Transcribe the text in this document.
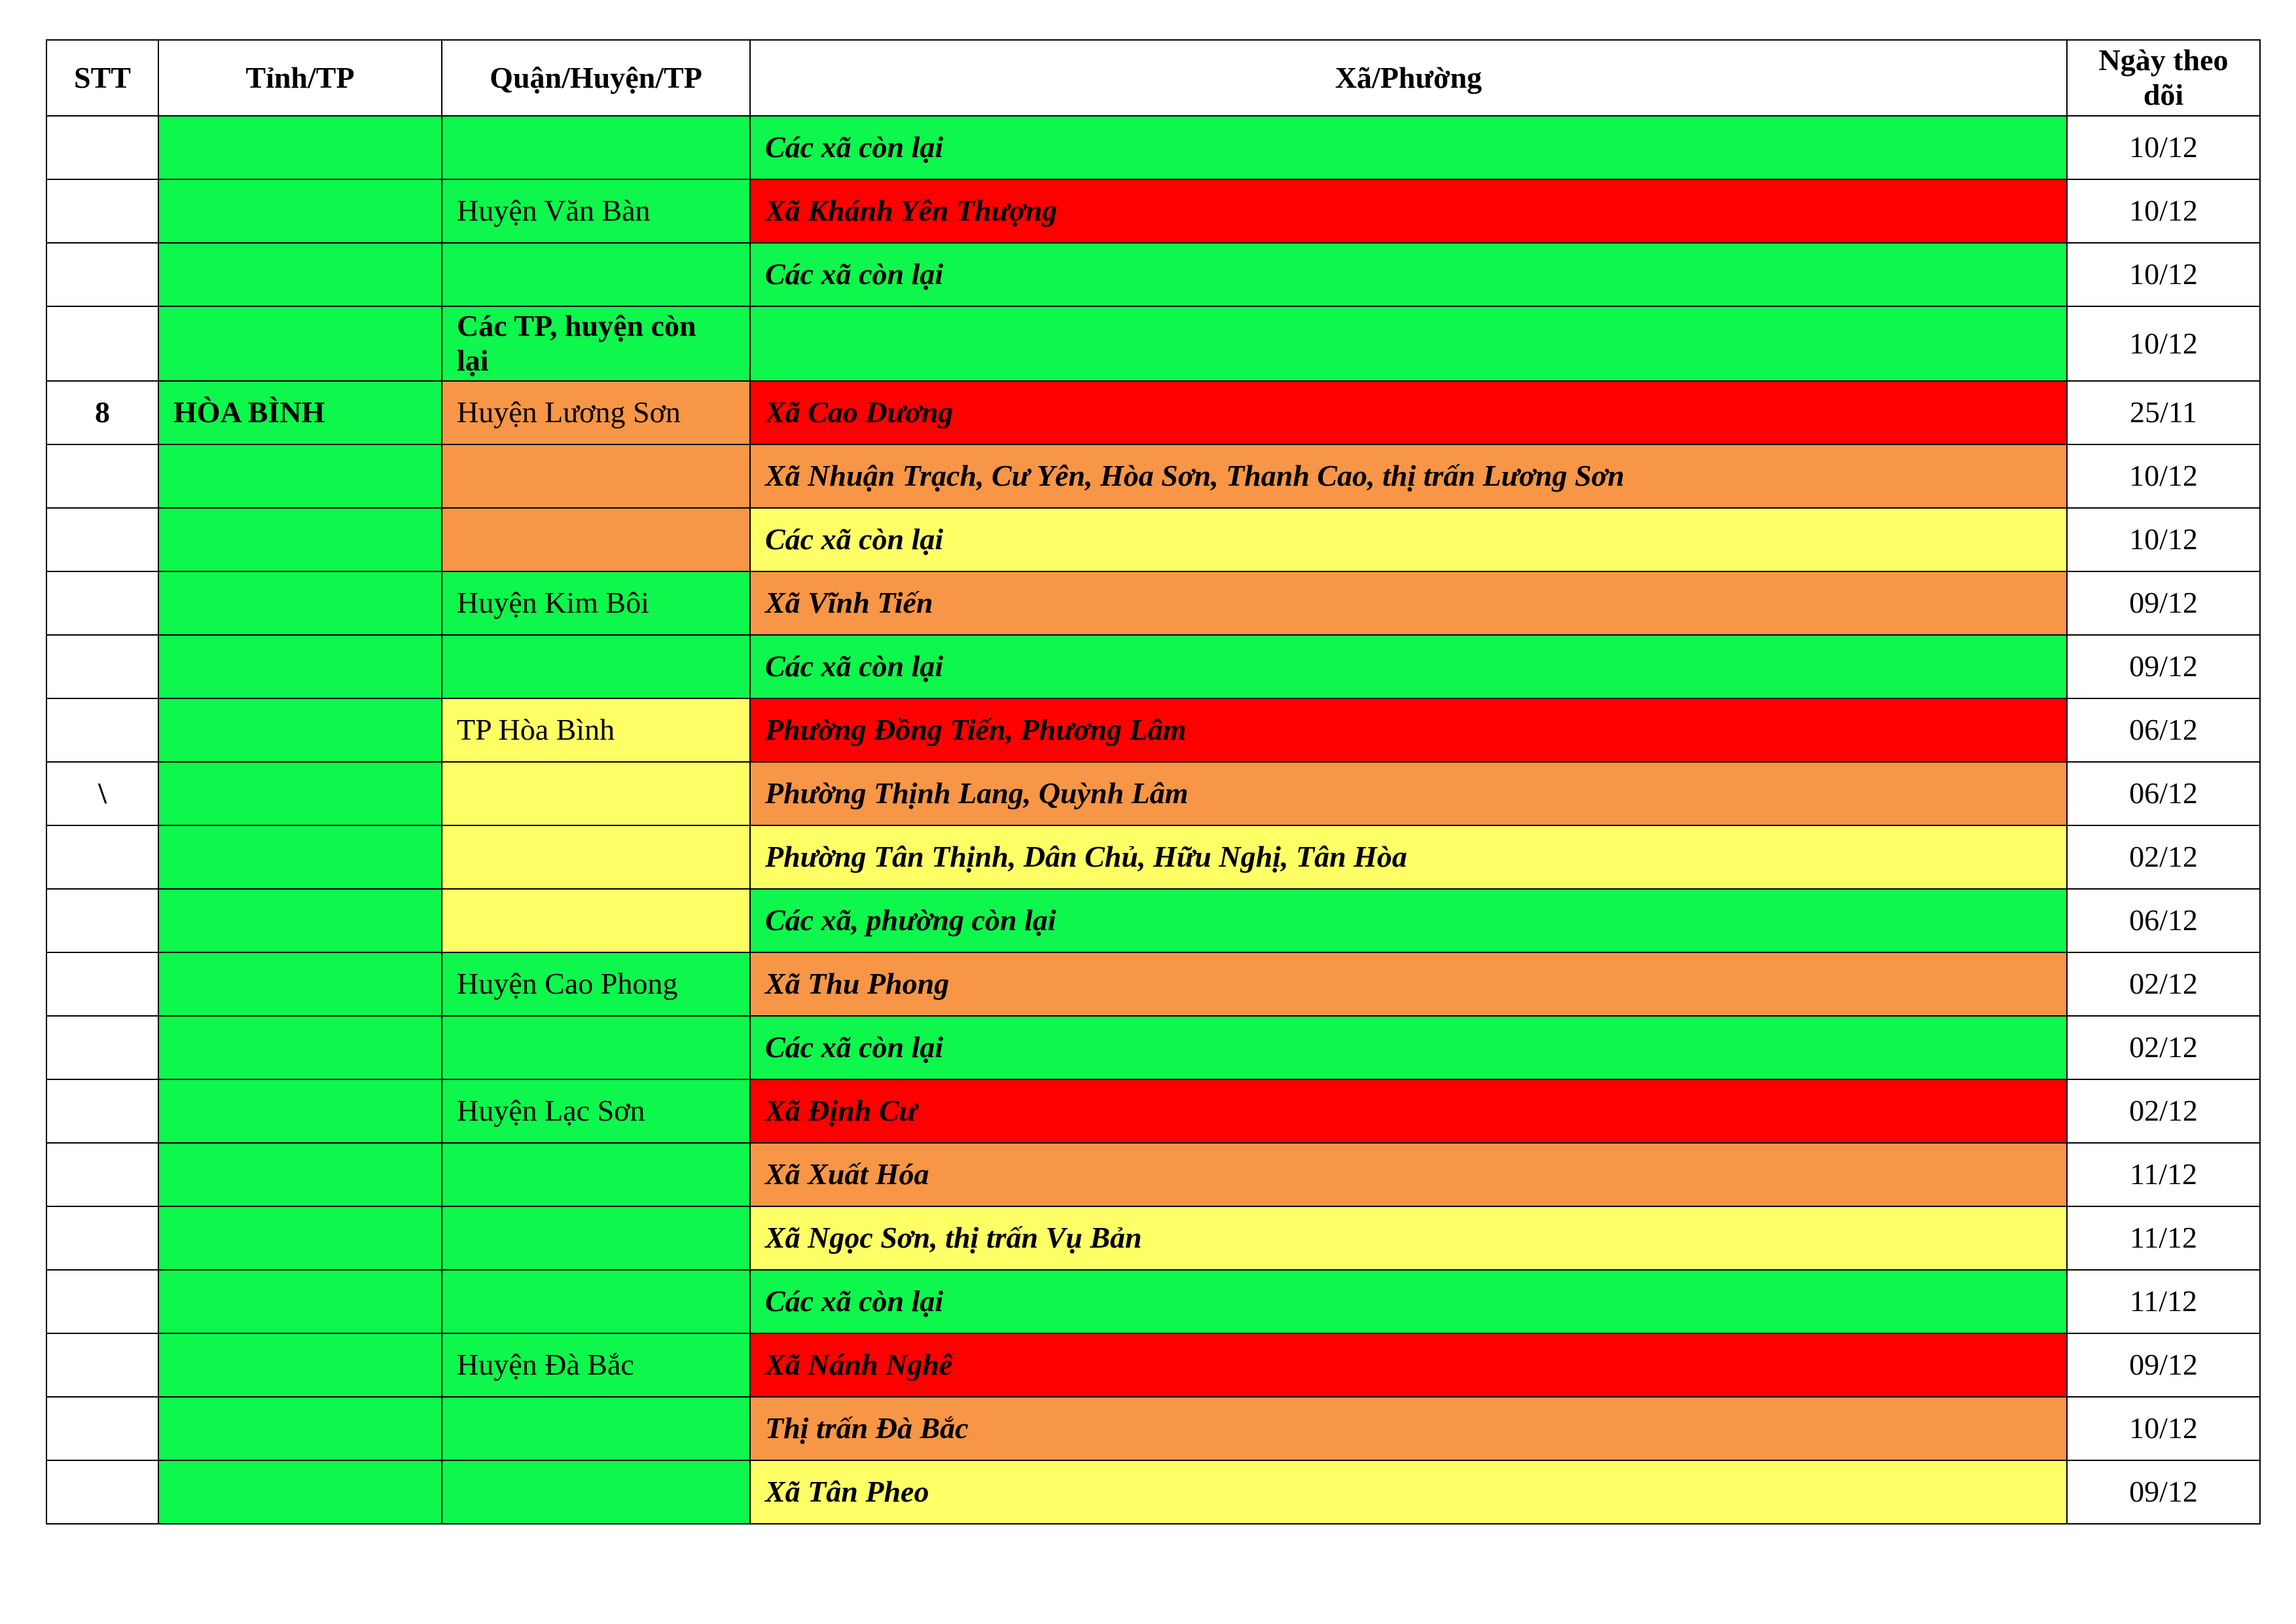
STT	Tỉnh/TP	Quận/Huyện/TP	Xã/Phường	Ngày theo dõi
			Các xã còn lại	10/12
		Huyện Văn Bàn	Xã Khánh Yên Thượng	10/12
			Các xã còn lại	10/12
		Các TP, huyện còn lại		10/12
8	HÒA BÌNH	Huyện Lương Sơn	Xã Cao Dương	25/11
			Xã Nhuận Trạch, Cư Yên, Hòa Sơn, Thanh Cao, thị trấn Lương Sơn	10/12
			Các xã còn lại	10/12
		Huyện Kim Bôi	Xã Vĩnh Tiến	09/12
			Các xã còn lại	09/12
		TP Hòa Bình	Phường Đồng Tiến, Phương Lâm	06/12
\			Phường Thịnh Lang, Quỳnh Lâm	06/12
			Phường Tân Thịnh, Dân Chủ, Hữu Nghị, Tân Hòa	02/12
			Các xã, phường còn lại	06/12
		Huyện Cao Phong	Xã Thu Phong	02/12
			Các xã còn lại	02/12
		Huyện Lạc Sơn	Xã Định Cư	02/12
			Xã Xuất Hóa	11/12
			Xã Ngọc Sơn, thị trấn Vụ Bản	11/12
			Các xã còn lại	11/12
		Huyện Đà Bắc	Xã Nánh Nghê	09/12
			Thị trấn Đà Bắc	10/12
			Xã Tân Pheo	09/12
